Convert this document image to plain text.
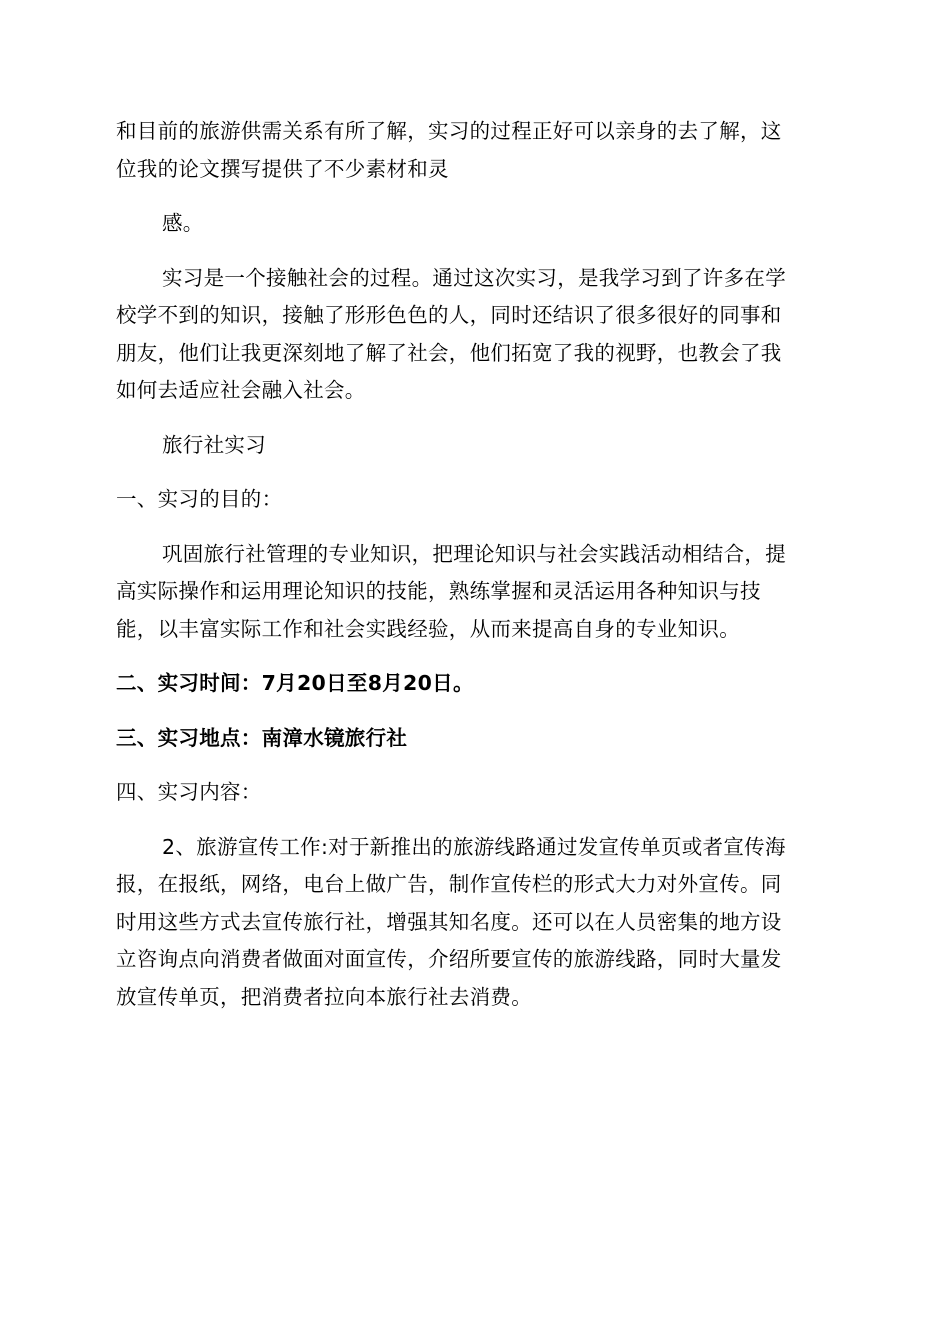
和目前的旅游供需关系有所了解，实习的过程正好可以亲身的去了解，这
位我的论文撰写提供了不少素材和灵

感。

实习是一个接触社会的过程。通过这次实习，是我学习到了许多在学
校学不到的知识，接触了形形色色的人，同时还结识了很多很好的同事和
朋友，他们让我更深刻地了解了社会，他们拓宽了我的视野，也教会了我
如何去适应社会融入社会。

旅行社实习

一、实习的目的：

巩固旅行社管理的专业知识，把理论知识与社会实践活动相结合，提
高实际操作和运用理论知识的技能，熟练掌握和灵活运用各种知识与技
能，以丰富实际工作和社会实践经验，从而来提高自身的专业知识。

二、实习时间：7月20日至8月20日。

三、实习地点：南漳水镜旅行社

四、实习内容：

2、旅游宣传工作:对于新推出的旅游线路通过发宣传单页或者宣传海
报，在报纸，网络，电台上做广告，制作宣传栏的形式大力对外宣传。同
时用这些方式去宣传旅行社，增强其知名度。还可以在人员密集的地方设
立咨询点向消费者做面对面宣传，介绍所要宣传的旅游线路，同时大量发
放宣传单页，把消费者拉向本旅行社去消费。
